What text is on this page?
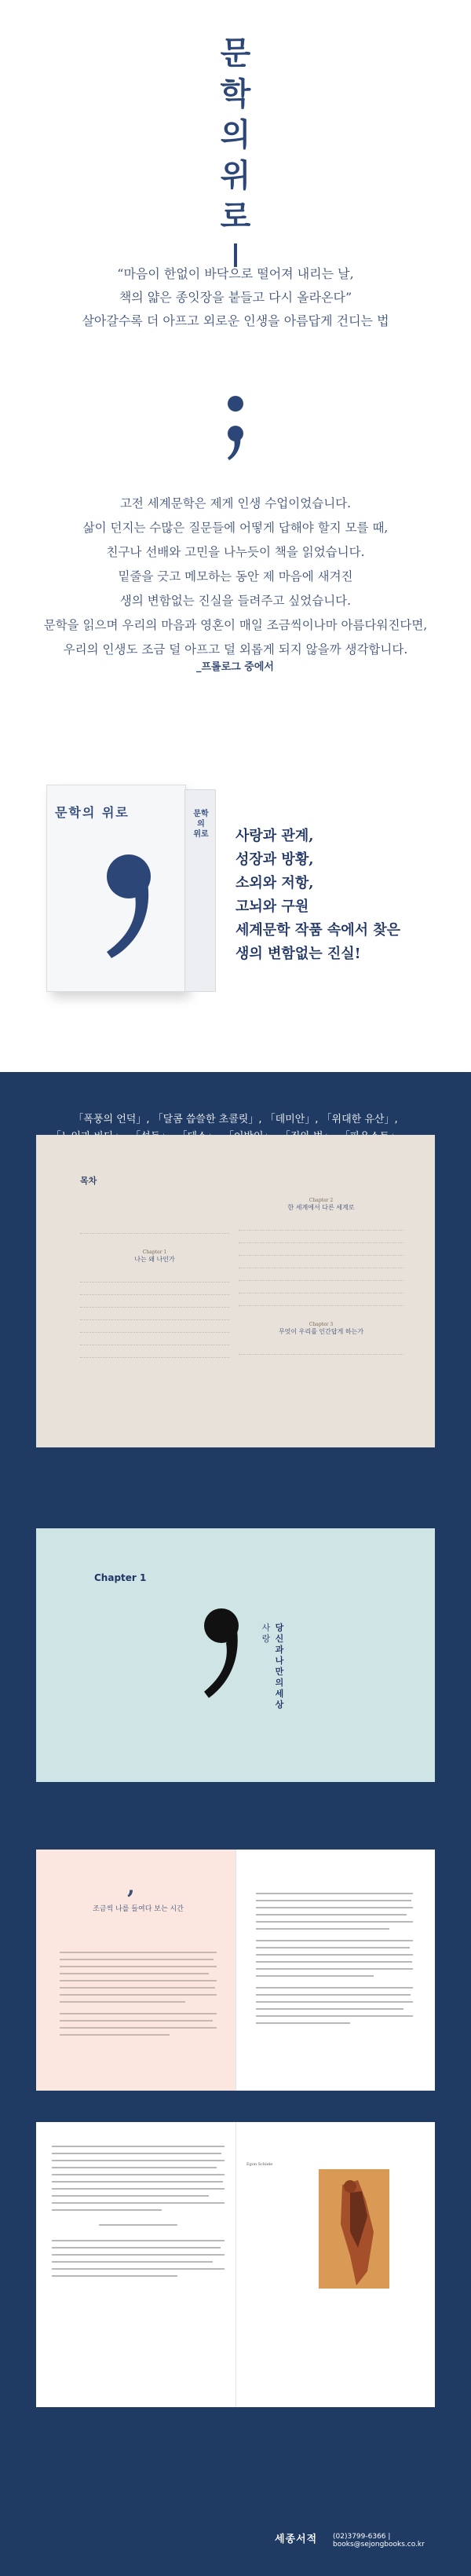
문
학
의
위
로
“마음이 한없이 바닥으로 떨어져 내리는 날,
책의 얇은 종잇장을 붙들고 다시 올라온다”
살아갈수록 더 아프고 외로운 인생을 아름답게 건디는 법
고전 세계문학은 제게 인생 수업이었습니다.
삶이 던지는 수많은 질문들에 어떻게 답해야 할지 모를 때,
친구나 선배와 고민을 나누듯이 책을 읽었습니다.
밑줄을 긋고 메모하는 동안 제 마음에 새겨진
생의 변함없는 진실을 들려주고 싶었습니다.
문학을 읽으며 우리의 마음과 영혼이 매일 조금씩이나마 아름다워진다면,
우리의 인생도 조금 덜 아프고 덜 외롭게 되지 않을까 생각합니다.
_프롤로그 중에서
문학의 위로	문학의 위로 사랑과 관계,
성장과 방황,
소외와 저항,
고뇌와 구원
세계문학 작품 속에서 찾은
생의 변함없는 진실!
「폭풍의 언덕」, 「달콤 씁쓸한 초콜릿」, 「데미안」, 「위대한 유산」,
목차

Chapter 1
나는 왜 나인가

Chapter 2
한 세계에서 다른 세계로

Chapter 3
무엇이 우리를 인간답게 하는가

Chapter 1
사랑
당신과 나만의 세상
,
조금씩 나를 들여다 보는 시간
Egon Schiele
세종서적 (02)3799-6366 | books@sejongbooks.co.kr
